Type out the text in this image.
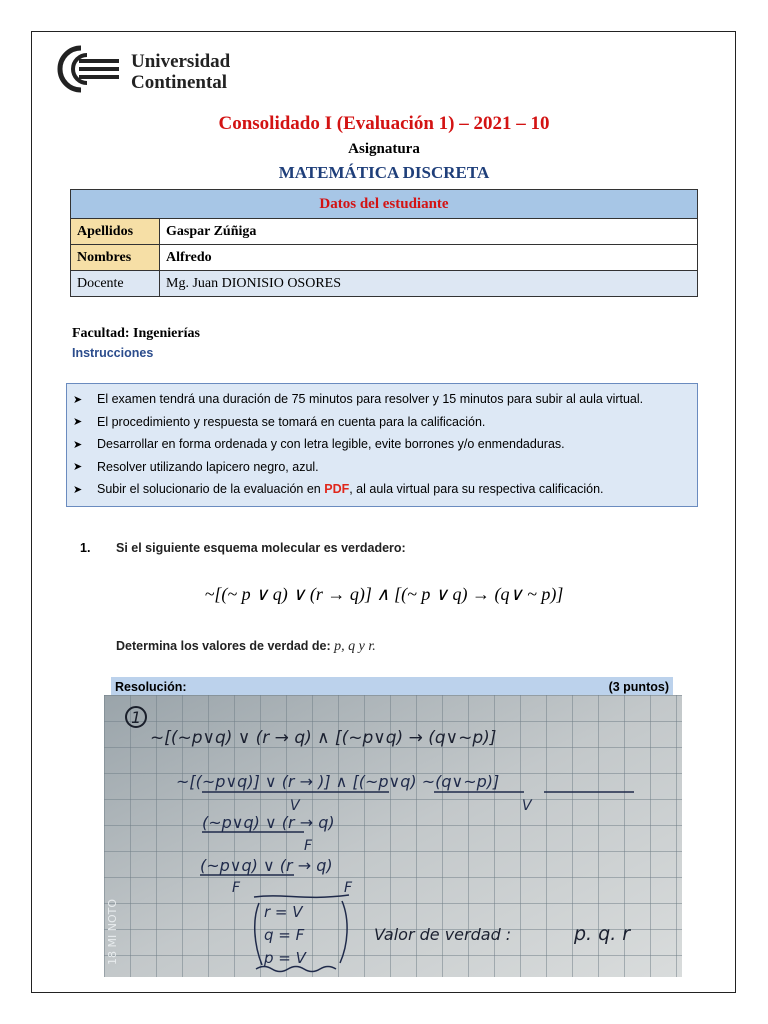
Universidad
Continental
Consolidado I (Evaluación 1) – 2021 – 10
Asignatura
MATEMÁTICA DISCRETA
Datos del estudiante	
Apellidos	Gaspar Zúñiga
Nombres	Alfredo
Docente	Mg. Juan DIONISIO OSORES
Facultad: Ingenierías
Instrucciones
➤	El examen tendrá una duración de 75 minutos para resolver y 15 minutos para subir al aula virtual.
➤	El procedimiento y respuesta se tomará en cuenta para la calificación.
➤	Desarrollar en forma ordenada y con letra legible, evite borrones y/o enmendaduras.
➤	Resolver utilizando lapicero negro, azul.
➤	Subir el solucionario de la evaluación en PDF, al aula virtual para su respectiva calificación.
1. Si el siguiente esquema molecular es verdadero:
~[(~ p ∨ q) ∨ (r → q)] ∧ [(~ p ∨ q) → (q∨ ~ p)]
Determina los valores de verdad de: p, q y r.
Resolución:	(3 puntos)
18 MI NOTO
1
~[(~p∨q) ∨ (r → q) ∧ [(~p∨q) → (q∨~p)]
~[(~p∨q)] ∨ (r → )] ∧ [(~p∨q) ~(q∨~p)]
V	V
(~p∨q) ∨ (r → q)
F
(~p∨q) ∨ (r → q)
F	F
r = V
q = F
p = V
Valor de verdad :	p. q. r
